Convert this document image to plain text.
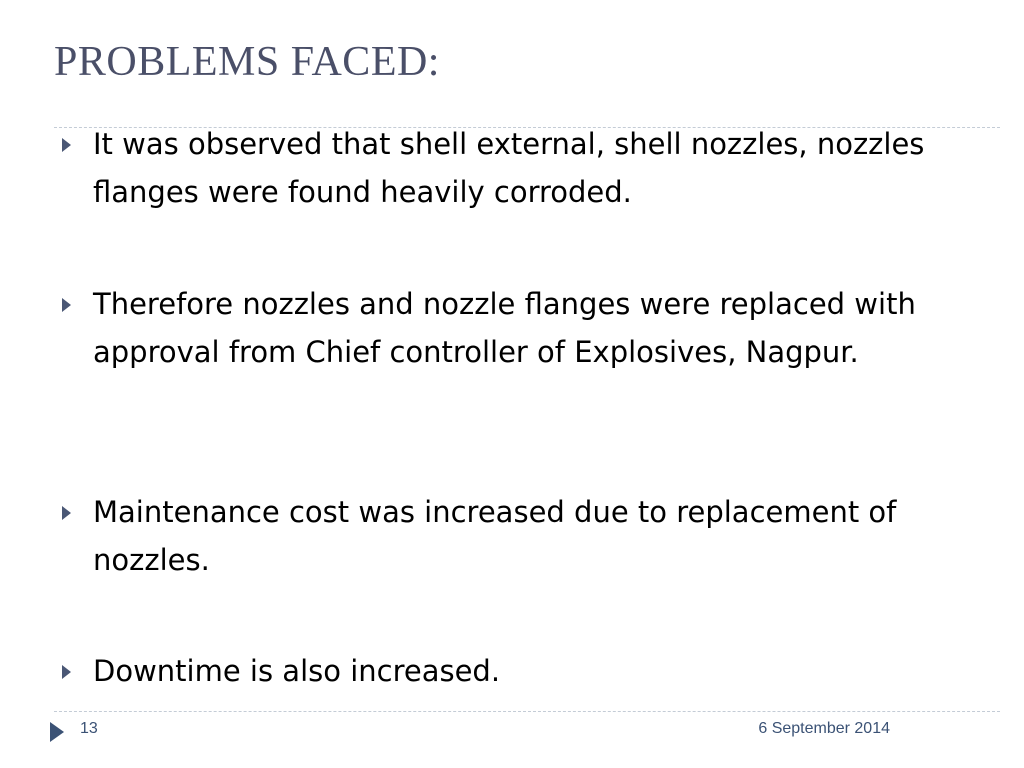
PROBLEMS FACED:
It was observed that shell external, shell nozzles, nozzles flanges were found heavily corroded.
Therefore nozzles and nozzle flanges were replaced with approval from Chief controller of Explosives, Nagpur.
Maintenance cost was increased due to replacement of nozzles.
Downtime is also increased.
13	6 September 2014
